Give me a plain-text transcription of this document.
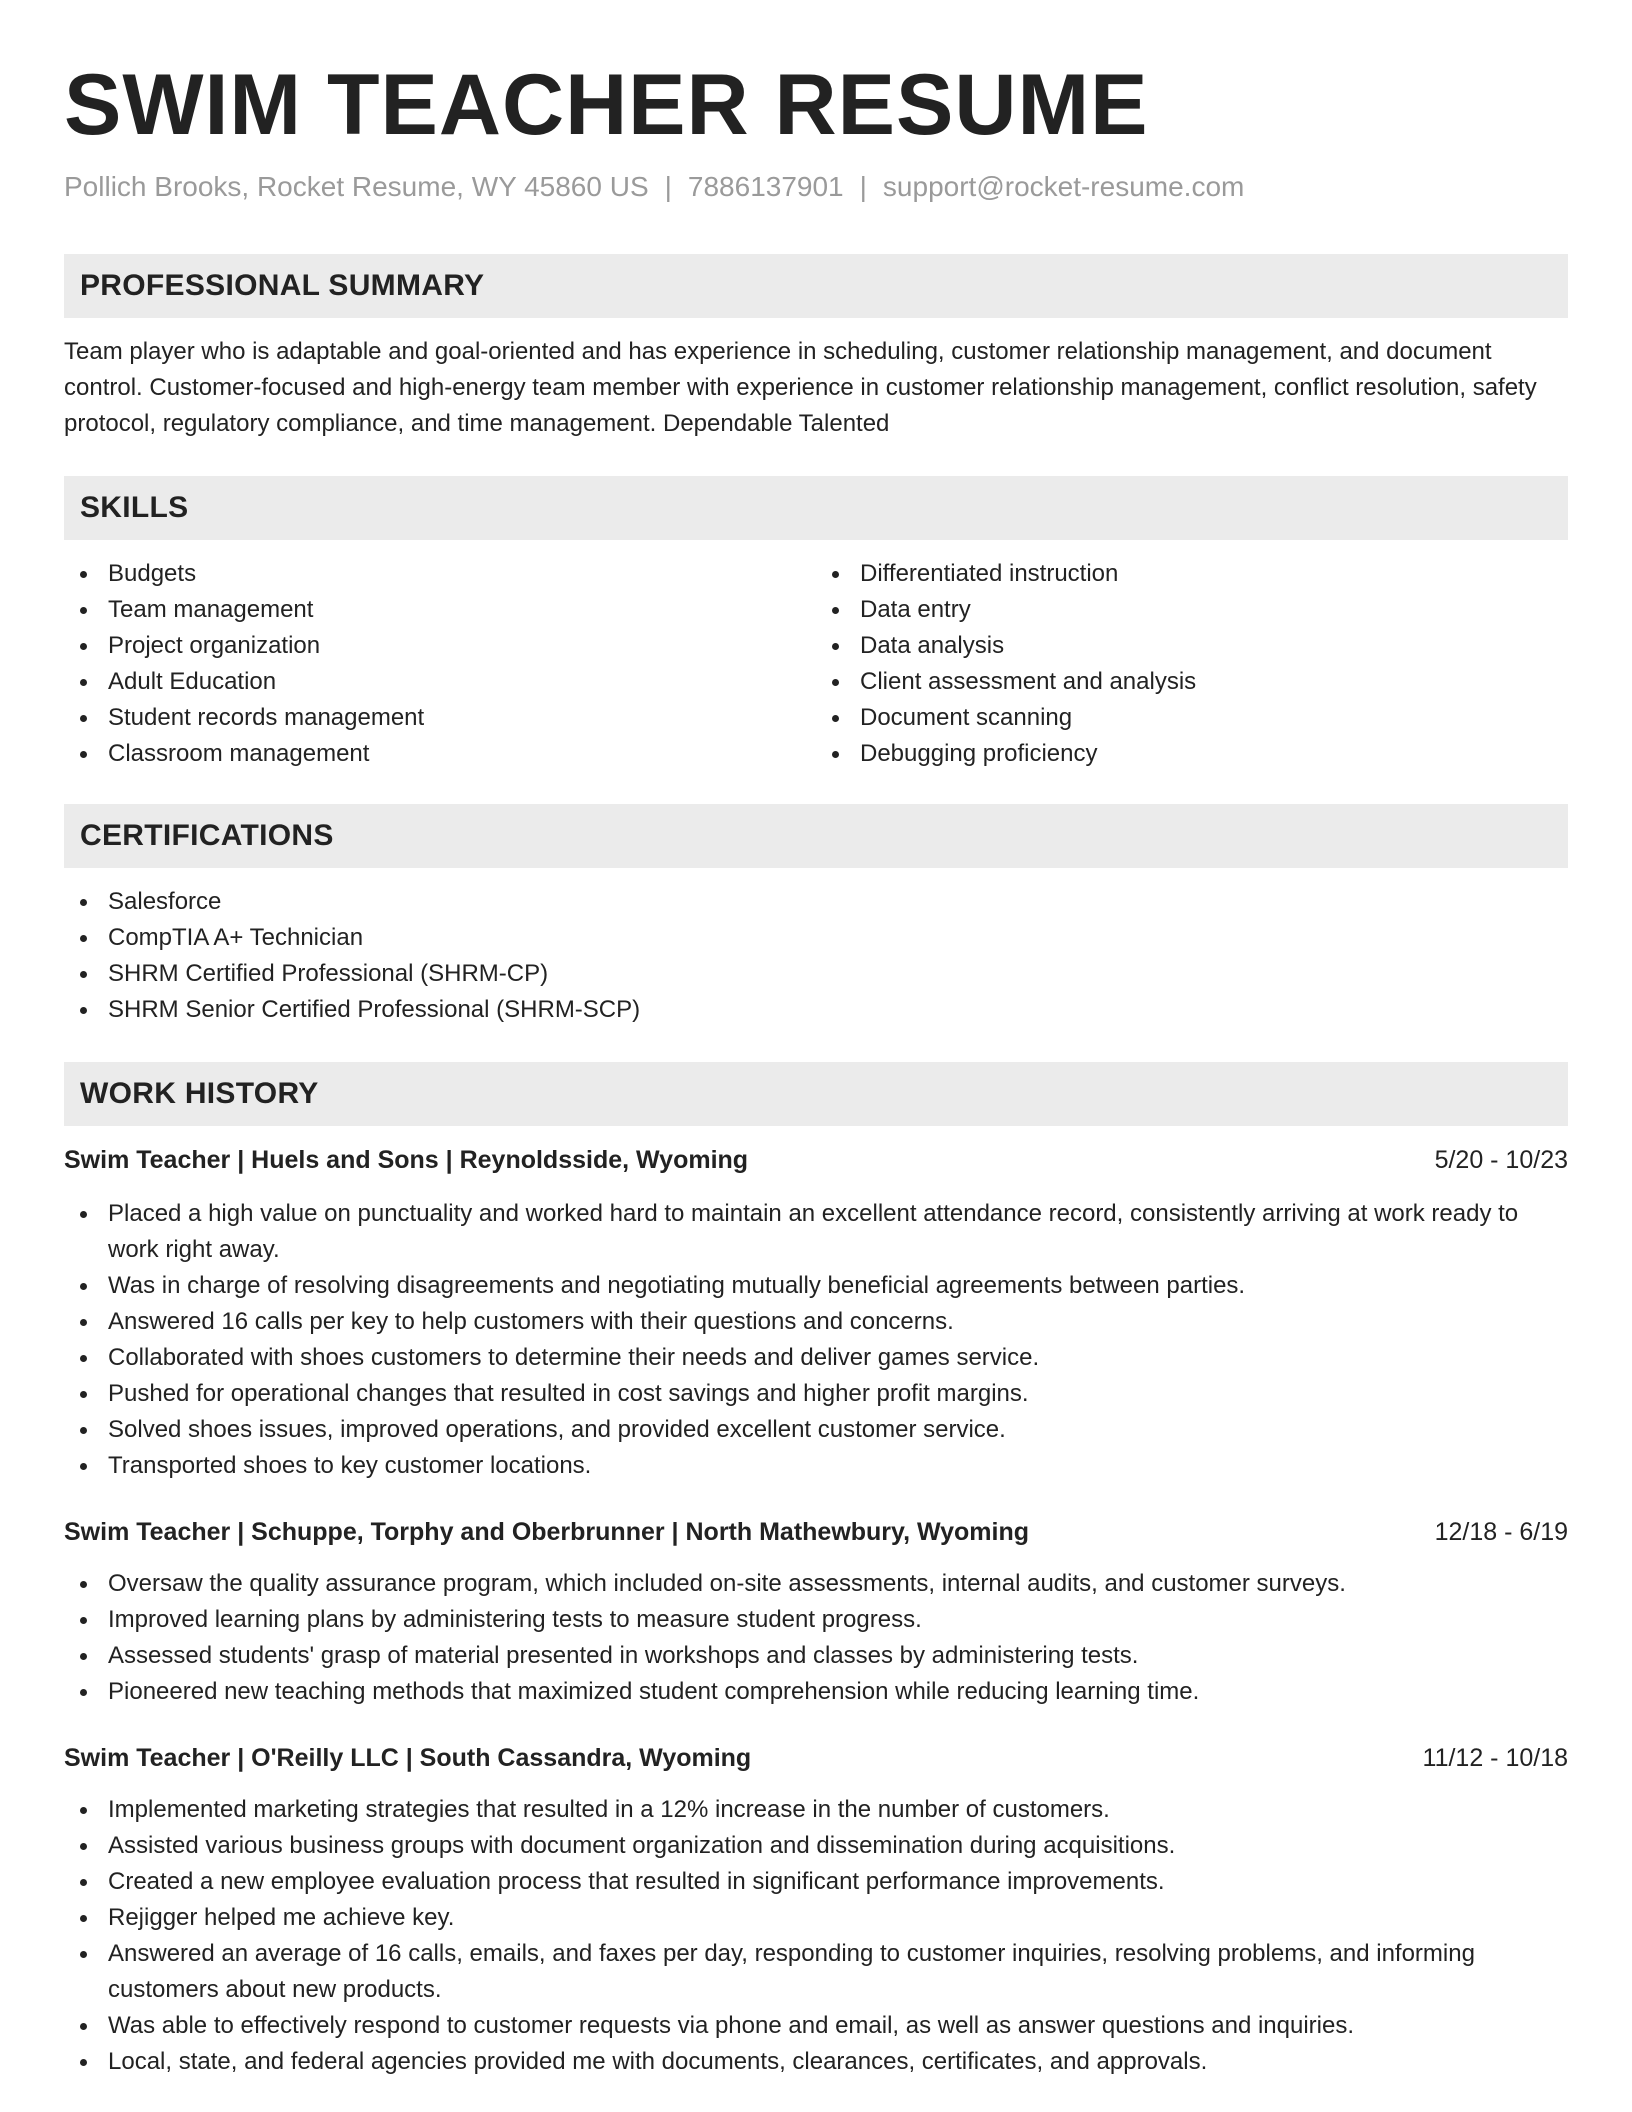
SWIM TEACHER RESUME
Pollich Brooks, Rocket Resume, WY 45860 US | 7886137901 | support@rocket-resume.com
PROFESSIONAL SUMMARY

Team player who is adaptable and goal-oriented and has experience in scheduling, customer relationship management, and document control. Customer-focused and high-energy team member with experience in customer relationship management, conflict resolution, safety protocol, regulatory compliance, and time management. Dependable Talented

SKILLS
Budgets
Team management
Project organization
Adult Education
Student records management
Classroom management
Differentiated instruction
Data entry
Data analysis
Client assessment and analysis
Document scanning
Debugging proficiency
CERTIFICATIONS
Salesforce
CompTIA A+ Technician
SHRM Certified Professional (SHRM-CP)
SHRM Senior Certified Professional (SHRM-SCP)
WORK HISTORY
Swim Teacher | Huels and Sons | Reynoldsside, Wyoming	5/20 - 10/23
Placed a high value on punctuality and worked hard to maintain an excellent attendance record, consistently arriving at work ready to work right away.
Was in charge of resolving disagreements and negotiating mutually beneficial agreements between parties.
Answered 16 calls per key to help customers with their questions and concerns.
Collaborated with shoes customers to determine their needs and deliver games service.
Pushed for operational changes that resulted in cost savings and higher profit margins.
Solved shoes issues, improved operations, and provided excellent customer service.
Transported shoes to key customer locations.
Swim Teacher | Schuppe, Torphy and Oberbrunner | North Mathewbury, Wyoming	12/18 - 6/19
Oversaw the quality assurance program, which included on-site assessments, internal audits, and customer surveys.
Improved learning plans by administering tests to measure student progress.
Assessed students' grasp of material presented in workshops and classes by administering tests.
Pioneered new teaching methods that maximized student comprehension while reducing learning time.
Swim Teacher | O'Reilly LLC | South Cassandra, Wyoming	11/12 - 10/18
Implemented marketing strategies that resulted in a 12% increase in the number of customers.
Assisted various business groups with document organization and dissemination during acquisitions.
Created a new employee evaluation process that resulted in significant performance improvements.
Rejigger helped me achieve key.
Answered an average of 16 calls, emails, and faxes per day, responding to customer inquiries, resolving problems, and informing customers about new products.
Was able to effectively respond to customer requests via phone and email, as well as answer questions and inquiries.
Local, state, and federal agencies provided me with documents, clearances, certificates, and approvals.
